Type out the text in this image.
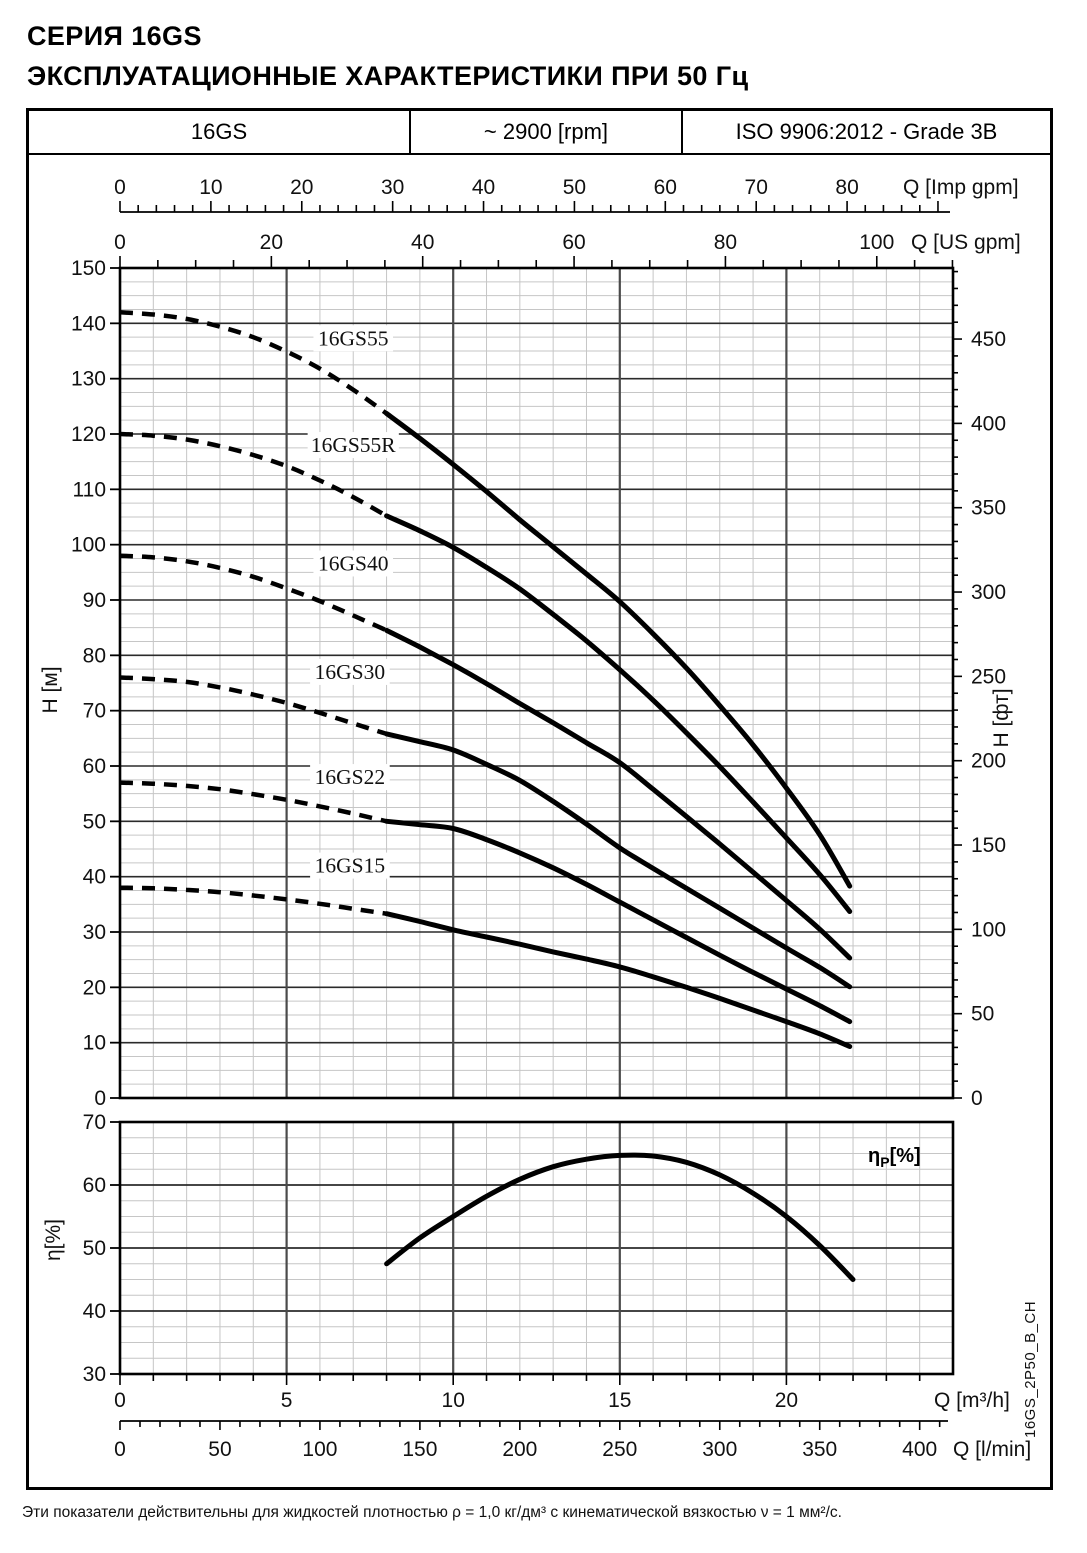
СЕРИЯ 16GS
ЭКСПЛУАТАЦИОННЫЕ ХАРАКТЕРИСТИКИ ПРИ 50 Гц
16GS	~ 2900 [rpm]	ISO 9906:2012 - Grade 3B
0	10	20	30	40	50	60	70	80 Q [Imp gpm]
0	20	40	60	80	100 Q [US gpm]
0
10
20
30
40
50
60
70
80
90
100
110
120
130
140
150
H [м]
0
50
100
150
200
250
300
350
400
450
H [фт]
30
40
50
60
70
η[%]
0	5	10	15	20	Q [m³/h]
0	50	100	150	200	250	300	350	400 Q [l/min]
16GS55
16GS55R
16GS40
16GS30
16GS22
16GS15
$\eta_P[\%]$
16GS_2P50_B_CH
Эти показатели действительны для жидкостей плотностью ρ = 1,0 кг/дм³ с кинематической вязкостью ν = 1 мм²/с.
